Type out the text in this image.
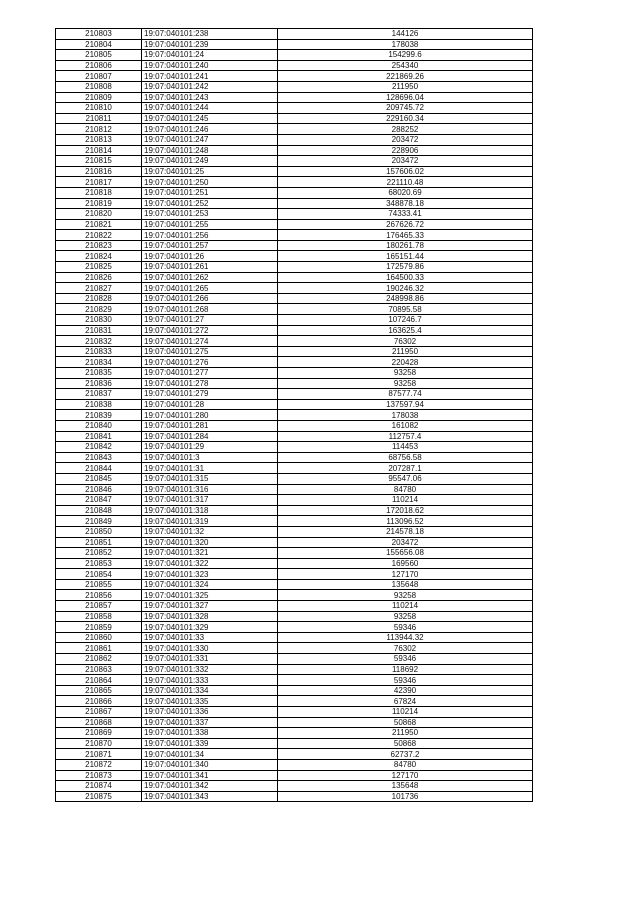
210803	19:07:040101:238	144126
210804	19:07:040101:239	178038
210805	19:07:040101:24	154299.6
210806	19:07:040101:240	254340
210807	19:07:040101:241	221869.26
210808	19:07:040101:242	211950
210809	19:07:040101:243	128696.04
210810	19:07:040101:244	209745.72
210811	19:07:040101:245	229160.34
210812	19:07:040101:246	288252
210813	19:07:040101:247	203472
210814	19:07:040101:248	228906
210815	19:07:040101:249	203472
210816	19:07:040101:25	157606.02
210817	19:07:040101:250	221110.48
210818	19:07:040101:251	68020.69
210819	19:07:040101:252	348878.18
210820	19:07:040101:253	74333.41
210821	19:07:040101:255	267626.72
210822	19:07:040101:256	176465.33
210823	19:07:040101:257	180261.78
210824	19:07:040101:26	165151.44
210825	19:07:040101:261	172579.86
210826	19:07:040101:262	164500.33
210827	19:07:040101:265	190246.32
210828	19:07:040101:266	248998.86
210829	19:07:040101:268	70895.58
210830	19:07:040101:27	107246.7
210831	19:07:040101:272	163625.4
210832	19:07:040101:274	76302
210833	19:07:040101:275	211950
210834	19:07:040101:276	220428
210835	19:07:040101:277	93258
210836	19:07:040101:278	93258
210837	19:07:040101:279	87577.74
210838	19:07:040101:28	137597.94
210839	19:07:040101:280	178038
210840	19:07:040101:281	161082
210841	19:07:040101:284	112757.4
210842	19:07:040101:29	114453
210843	19:07:040101:3	68756.58
210844	19:07:040101:31	207287.1
210845	19:07:040101:315	95547.06
210846	19:07:040101:316	84780
210847	19:07:040101:317	110214
210848	19:07:040101:318	172018.62
210849	19:07:040101:319	113096.52
210850	19:07:040101:32	214578.18
210851	19:07:040101:320	203472
210852	19:07:040101:321	155656.08
210853	19:07:040101:322	169560
210854	19:07:040101:323	127170
210855	19:07:040101:324	135648
210856	19:07:040101:325	93258
210857	19:07:040101:327	110214
210858	19:07:040101:328	93258
210859	19:07:040101:329	59346
210860	19:07:040101:33	113944.32
210861	19:07:040101:330	76302
210862	19:07:040101:331	59346
210863	19:07:040101:332	118692
210864	19:07:040101:333	59346
210865	19:07:040101:334	42390
210866	19:07:040101:335	67824
210867	19:07:040101:336	110214
210868	19:07:040101:337	50868
210869	19:07:040101:338	211950
210870	19:07:040101:339	50868
210871	19:07:040101:34	62737.2
210872	19:07:040101:340	84780
210873	19:07:040101:341	127170
210874	19:07:040101:342	135648
210875	19:07:040101:343	101736
